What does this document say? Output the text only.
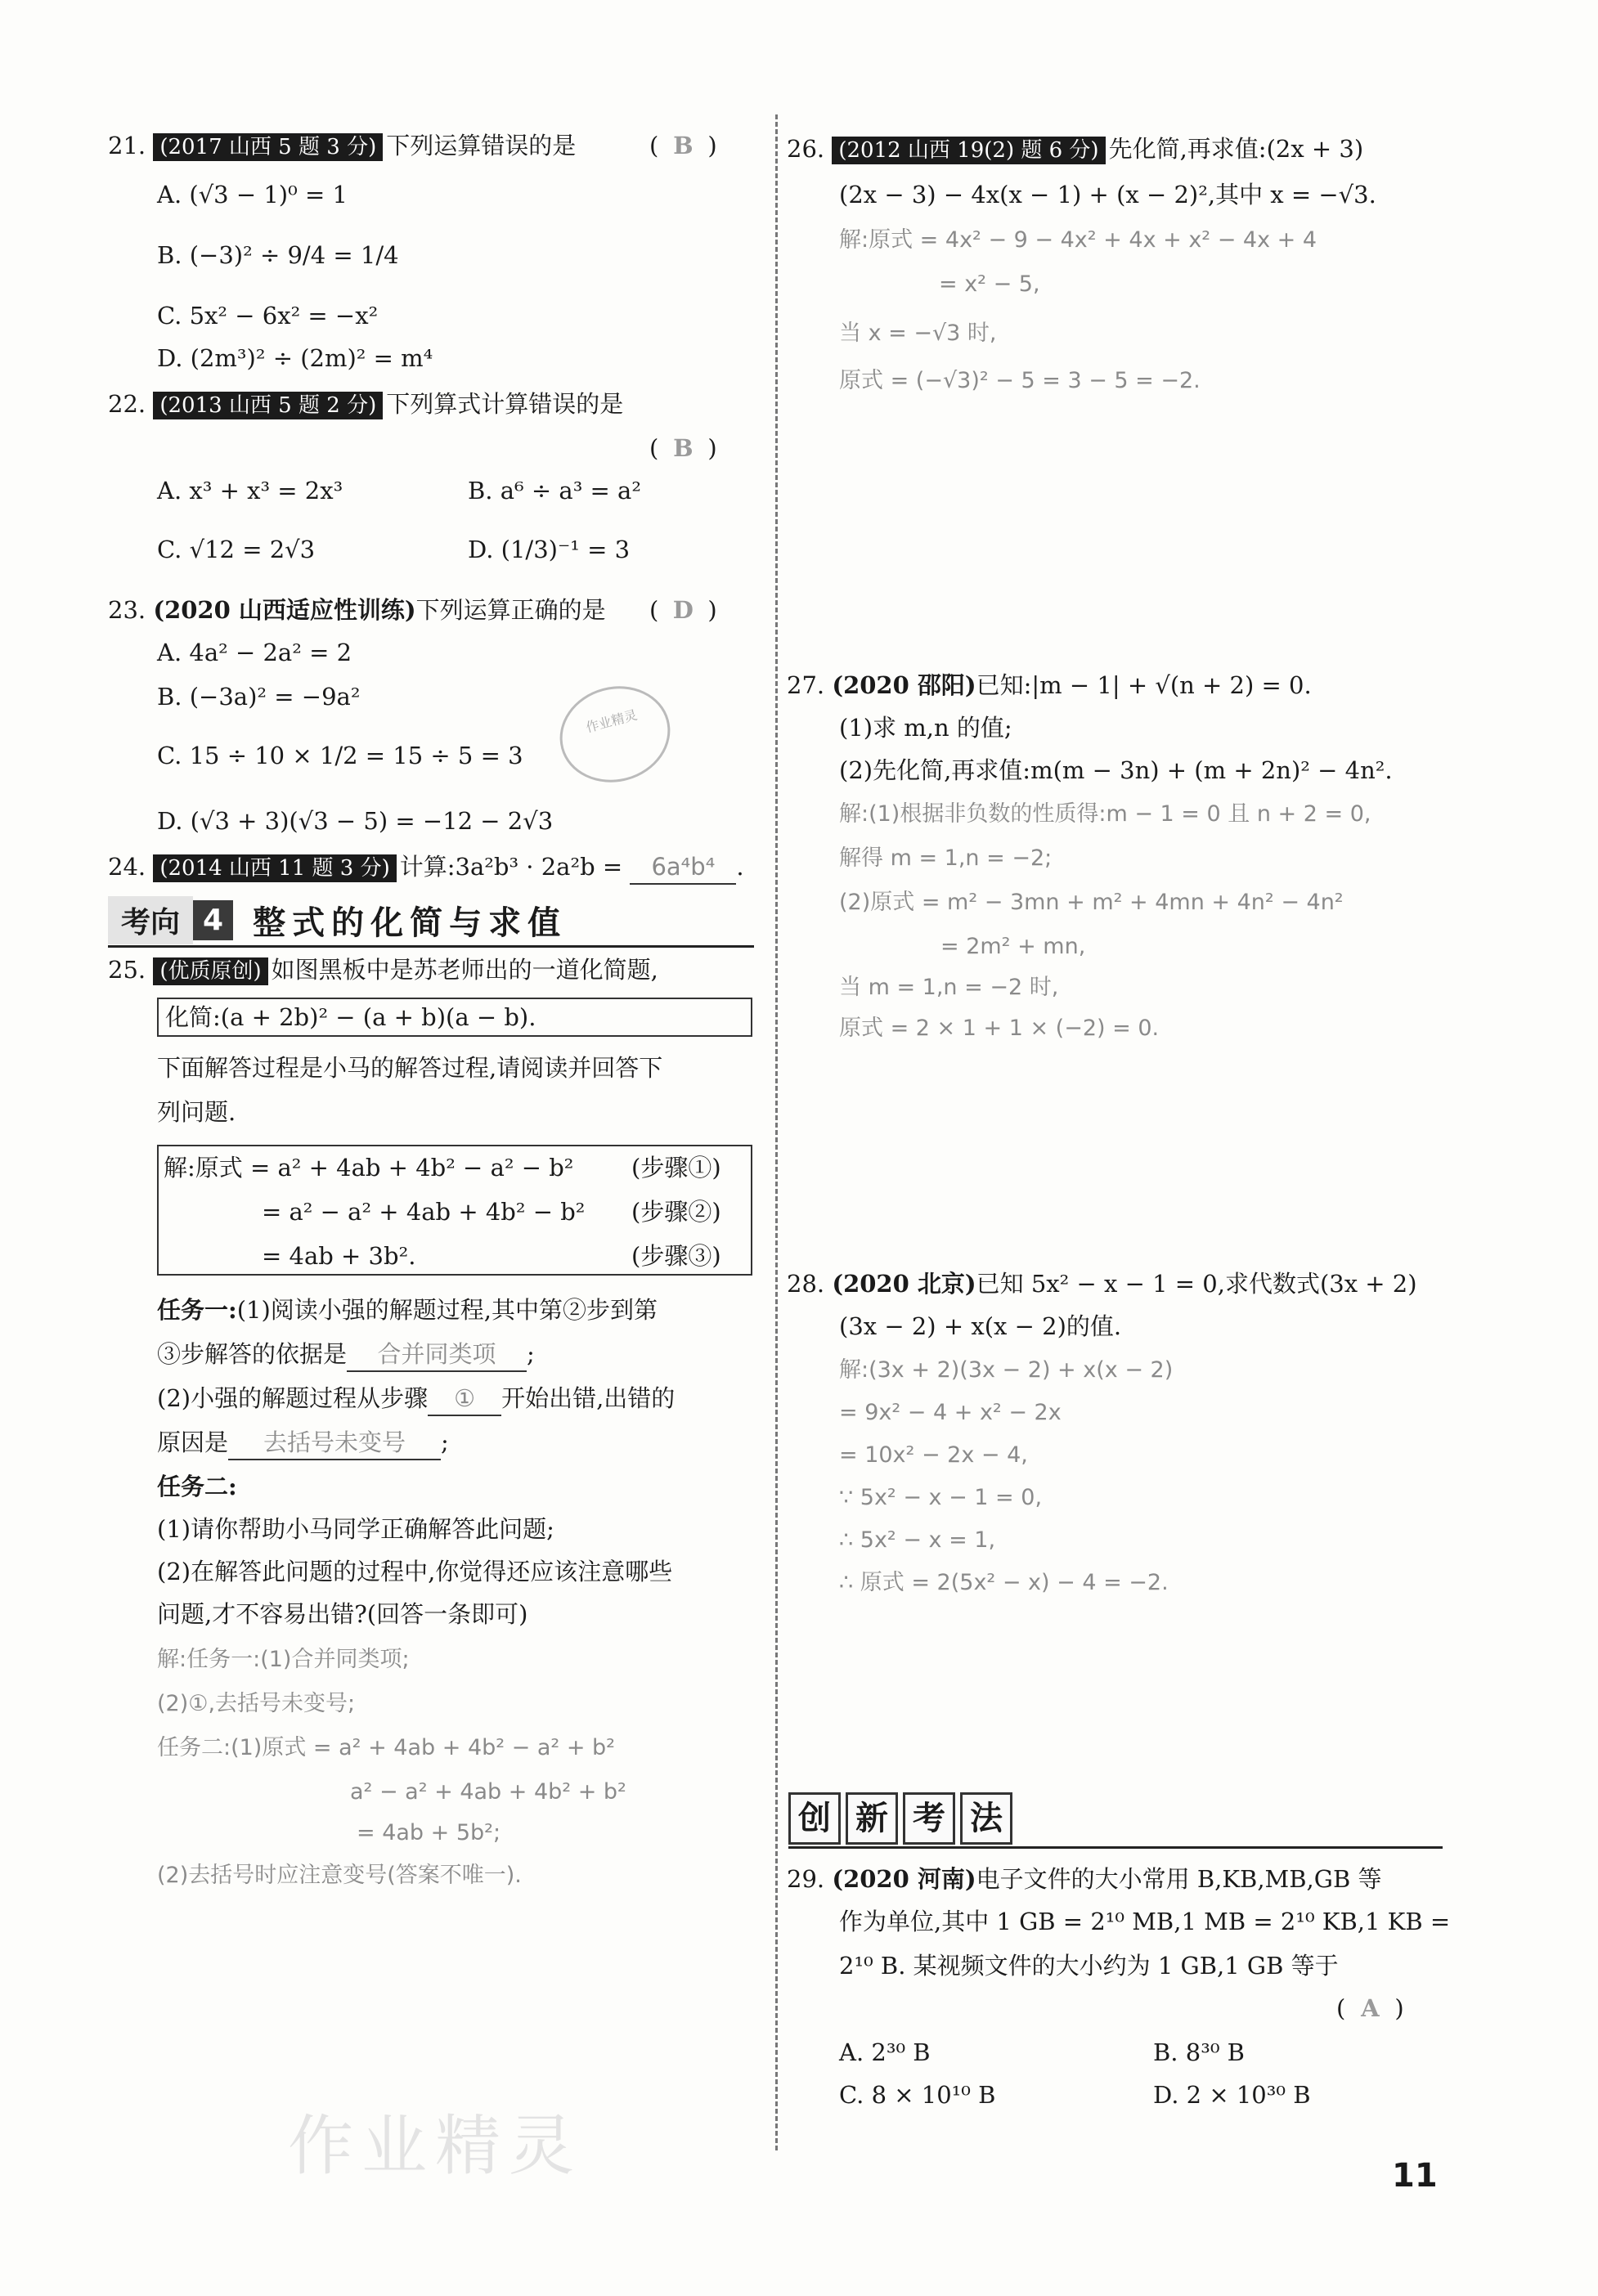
21. (2017 山西 5 题 3 分) 下列运算错误的是	( B )
A. (√3 − 1)⁰ = 1
B. (−3)² ÷ 9/4 = 1/4
C. 5x² − 6x² = −x²
D. (2m³)² ÷ (2m)² = m⁴
22. (2013 山西 5 题 2 分) 下列算式计算错误的是
( B )
A. x³ + x³ = 2x³	B. a⁶ ÷ a³ = a²
C. √12 = 2√3	D. (1/3)⁻¹ = 3
23. (2020 山西适应性训练)下列运算正确的是 ( D )
A. 4a² − 2a² = 2
B. (−3a)² = −9a²
C. 15 ÷ 10 × 1/2 = 15 ÷ 5 = 3
D. (√3 + 3)(√3 − 5) = −12 − 2√3

作业精灵
24. (2014 山西 11 题 3 分) 计算:3a²b³ · 2a²b = 6a⁴b⁴ .
考向 4 整式的化简与求值
25. (优质原创) 如图黑板中是苏老师出的一道化简题,
化简:(a + 2b)² − (a + b)(a − b).
下面解答过程是小马的解答过程,请阅读并回答下
列问题.
解:原式 = a² + 4ab + 4b² − a² − b² (步骤①)
= a² − a² + 4ab + 4b² − b² (步骤②)
= 4ab + 3b².	(步骤③)
任务一:(1)阅读小强的解题过程,其中第②步到第
③步解答的依据是 合并同类项 ;
(2)小强的解题过程从步骤 ① 开始出错,出错的
原因是 去括号未变号 ;
任务二:
(1)请你帮助小马同学正确解答此问题;
(2)在解答此问题的过程中,你觉得还应该注意哪些
问题,才不容易出错?(回答一条即可)
解:任务一:(1)合并同类项;
(2)①,去括号未变号;
任务二:(1)原式 = a² + 4ab + 4b² − a² + b²
a² − a² + 4ab + 4b² + b²
= 4ab + 5b²;
(2)去括号时应注意变号(答案不唯一).
作业精灵
26. (2012 山西 19(2) 题 6 分) 先化简,再求值:(2x + 3)
(2x − 3) − 4x(x − 1) + (x − 2)²,其中 x = −√3.
解:原式 = 4x² − 9 − 4x² + 4x + x² − 4x + 4
= x² − 5,
当 x = −√3 时,
原式 = (−√3)² − 5 = 3 − 5 = −2.
27. (2020 邵阳)已知:|m − 1| + √(n + 2) = 0.
(1)求 m,n 的值;
(2)先化简,再求值:m(m − 3n) + (m + 2n)² − 4n².
解:(1)根据非负数的性质得:m − 1 = 0 且 n + 2 = 0,
解得 m = 1,n = −2;
(2)原式 = m² − 3mn + m² + 4mn + 4n² − 4n²
= 2m² + mn,
当 m = 1,n = −2 时,
原式 = 2 × 1 + 1 × (−2) = 0.
28. (2020 北京)已知 5x² − x − 1 = 0,求代数式(3x + 2)
(3x − 2) + x(x − 2)的值.
解:(3x + 2)(3x − 2) + x(x − 2)
= 9x² − 4 + x² − 2x
= 10x² − 2x − 4,
∵ 5x² − x − 1 = 0,
∴ 5x² − x = 1,
∴ 原式 = 2(5x² − x) − 4 = −2.
创 新 考 法
29. (2020 河南)电子文件的大小常用 B,KB,MB,GB 等
作为单位,其中 1 GB = 2¹⁰ MB,1 MB = 2¹⁰ KB,1 KB =
2¹⁰ B. 某视频文件的大小约为 1 GB,1 GB 等于
( A )
A. 2³⁰ B	B. 8³⁰ B
C. 8 × 10¹⁰ B	D. 2 × 10³⁰ B
11
